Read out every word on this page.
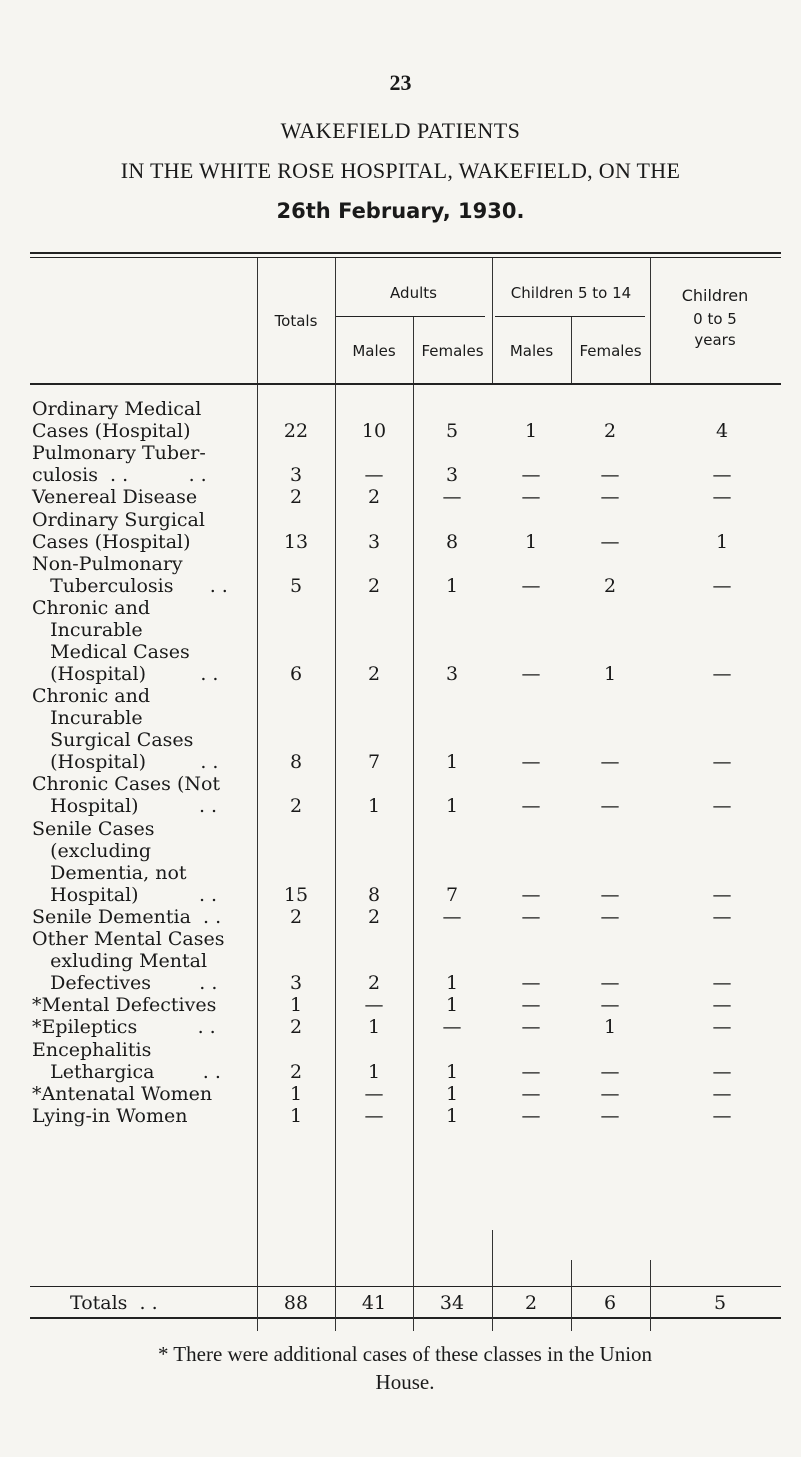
23
WAKEFIELD PATIENTS
IN THE WHITE ROSE HOSPITAL, WAKEFIELD, ON THE
26th February, 1930.
Totals
Adults	Children 5 to 14	Children
0 to 5
years
Males	Females	Males	Females
Ordinary Medical
Cases (Hospital)	22	10	5	1	2	4
Pulmonary Tuber-
culosis  . .          . .	3	—	3	—	—	—
Venereal Disease	2	2	—	—	—	—
Ordinary Surgical
Cases (Hospital)	13	3	8	1	—	1
Non-Pulmonary
Tuberculosis      . .	5	2	1	—	2	—
Chronic and
Incurable
Medical Cases
(Hospital)         . .	6	2	3	—	1	—
Chronic and
Incurable
Surgical Cases
(Hospital)         . .	8	7	1	—	—	—
Chronic Cases (Not
Hospital)          . .	2	1	1	—	—	—
Senile Cases
(excluding
Dementia, not
Hospital)          . .	15	8	7	—	—	—
Senile Dementia  . .	2	2	—	—	—	—
Other Mental Cases
exluding Mental
Defectives        . .	3	2	1	—	—	—
*Mental Defectives	1	—	1	—	—	—
*Epileptics          . .	2	1	—	—	1	—
Encephalitis
Lethargica        . .	2	1	1	—	—	—
*Antenatal Women	1	—	1	—	—	—
Lying-in Women	1	—	1	—	—	—
Totals  . .	88	41	34	2	6	5
* There were additional cases of these classes in the Union
House.
